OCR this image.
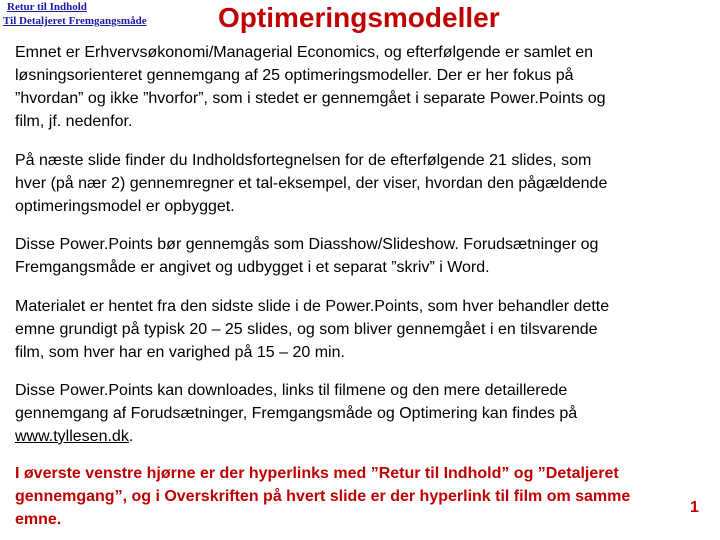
Retur til Indhold
Til Detaljeret Fremgangsmåde	Optimeringsmodeller

Emnet er Erhvervsøkonomi/Managerial Economics, og efterfølgende er samlet en
løsningsorienteret gennemgang af 25 optimeringsmodeller. Der er her fokus på
”hvordan” og ikke ”hvorfor”, som i stedet er gennemgået i separate Power.Points og
film, jf. nedenfor.

På næste slide finder du Indholdsfortegnelsen for de efterfølgende 21 slides, som
hver (på nær 2) gennemregner et tal-eksempel, der viser, hvordan den pågældende
optimeringsmodel er opbygget.

Disse Power.Points bør gennemgås som Diasshow/Slideshow. Forudsætninger og
Fremgangsmåde er angivet og udbygget i et separat ”skriv” i Word.

Materialet er hentet fra den sidste slide i de Power.Points, som hver behandler dette
emne grundigt på typisk 20 – 25 slides, og som bliver gennemgået i en tilsvarende
film, som hver har en varighed på 15 – 20 min.

Disse Power.Points kan downloades, links til filmene og den mere detaillerede
gennemgang af Forudsætninger, Fremgangsmåde og Optimering kan findes på
www.tyllesen.dk.

I øverste venstre hjørne er der hyperlinks med ”Retur til Indhold” og ”Detaljeret
gennemgang”, og i Overskriften på hvert slide er der hyperlink til film om samme
emne.

1
